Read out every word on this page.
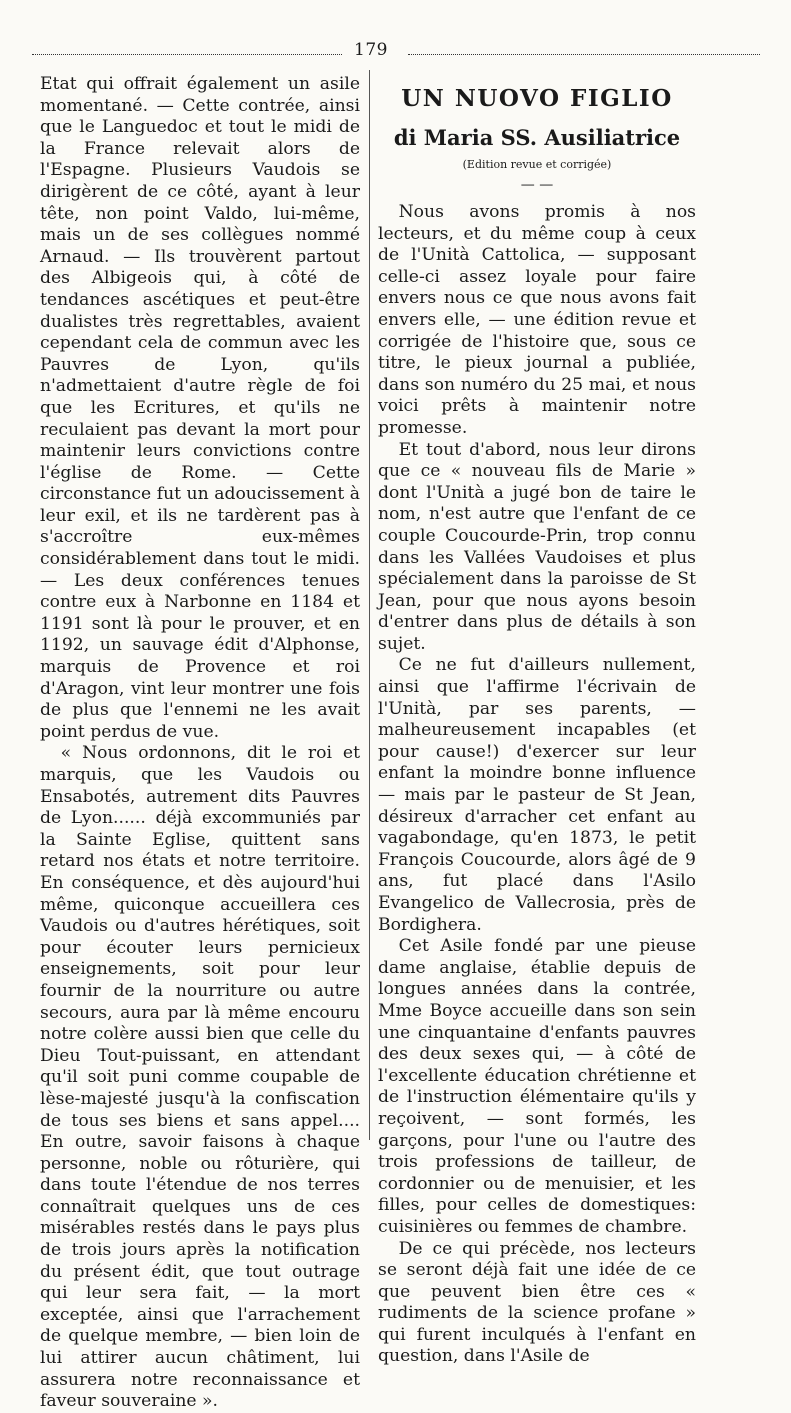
179

Etat qui offrait également un asile momentané. — Cette contrée, ainsi que le Languedoc et tout le midi de la France relevait alors de l'Espagne. Plusieurs Vaudois se dirigèrent de ce côté, ayant à leur tête, non point Valdo, lui-même, mais un de ses collègues nommé Arnaud. — Ils trouvèrent partout des Albigeois qui, à côté de tendances ascétiques et peut-être dualistes très regrettables, avaient cependant cela de commun avec les Pauvres de Lyon, qu'ils n'admettaient d'autre règle de foi que les Ecritures, et qu'ils ne reculaient pas devant la mort pour maintenir leurs convictions contre l'église de Rome. — Cette circonstance fut un adoucissement à leur exil, et ils ne tardèrent pas à s'accroître eux-mêmes considérablement dans tout le midi. — Les deux conférences tenues contre eux à Narbonne en 1184 et 1191 sont là pour le prouver, et en 1192, un sauvage édit d'Alphonse, marquis de Provence et roi d'Aragon, vint leur montrer une fois de plus que l'ennemi ne les avait point perdus de vue.

« Nous ordonnons, dit le roi et marquis, que les Vaudois ou Ensabotés, autrement dits Pauvres de Lyon...... déjà excommuniés par la Sainte Eglise, quittent sans retard nos états et notre territoire. En conséquence, et dès aujourd'hui même, quiconque accueillera ces Vaudois ou d'autres hérétiques, soit pour écouter leurs pernicieux enseignements, soit pour leur fournir de la nourriture ou autre secours, aura par là même encouru notre colère aussi bien que celle du Dieu Tout-puissant, en attendant qu'il soit puni comme coupable de lèse-majesté jusqu'à la confiscation de tous ses biens et sans appel.... En outre, savoir faisons à chaque personne, noble ou rôturière, qui dans toute l'étendue de nos terres connaîtrait quelques uns de ces misérables restés dans le pays plus de trois jours après la notification du présent édit, que tout outrage qui leur sera fait, — la mort exceptée, ainsi que l'arrachement de quelque membre, — bien loin de lui attirer aucun châtiment, lui assurera notre reconnaissance et faveur souveraine ».

UN NUOVO FIGLIO
di Maria SS. Ausiliatrice
(Edition revue et corrigée)
— —

Nous avons promis à nos lecteurs, et du même coup à ceux de l'Unità Cattolica, — supposant celle-ci assez loyale pour faire envers nous ce que nous avons fait envers elle, — une édition revue et corrigée de l'histoire que, sous ce titre, le pieux journal a publiée, dans son numéro du 25 mai, et nous voici prêts à maintenir notre promesse.

Et tout d'abord, nous leur dirons que ce « nouveau fils de Marie » dont l'Unità a jugé bon de taire le nom, n'est autre que l'enfant de ce couple Coucourde-Prin, trop connu dans les Vallées Vaudoises et plus spécialement dans la paroisse de St Jean, pour que nous ayons besoin d'entrer dans plus de détails à son sujet.

Ce ne fut d'ailleurs nullement, ainsi que l'affirme l'écrivain de l'Unità, par ses parents, — malheureusement incapables (et pour cause!) d'exercer sur leur enfant la moindre bonne influence — mais par le pasteur de St Jean, désireux d'arracher cet enfant au vagabondage, qu'en 1873, le petit François Coucourde, alors âgé de 9 ans, fut placé dans l'Asilo Evangelico de Vallecrosia, près de Bordighera.

Cet Asile fondé par une pieuse dame anglaise, établie depuis de longues années dans la contrée, Mme Boyce accueille dans son sein une cinquantaine d'enfants pauvres des deux sexes qui, — à côté de l'excellente éducation chrétienne et de l'instruction élémentaire qu'ils y reçoivent, — sont formés, les garçons, pour l'une ou l'autre des trois professions de tailleur, de cordonnier ou de menuisier, et les filles, pour celles de domestiques: cuisinières ou femmes de chambre.

De ce qui précède, nos lecteurs se seront déjà fait une idée de ce que peuvent bien être ces « rudiments de la science profane » qui furent inculqués à l'enfant en question, dans l'Asile de
